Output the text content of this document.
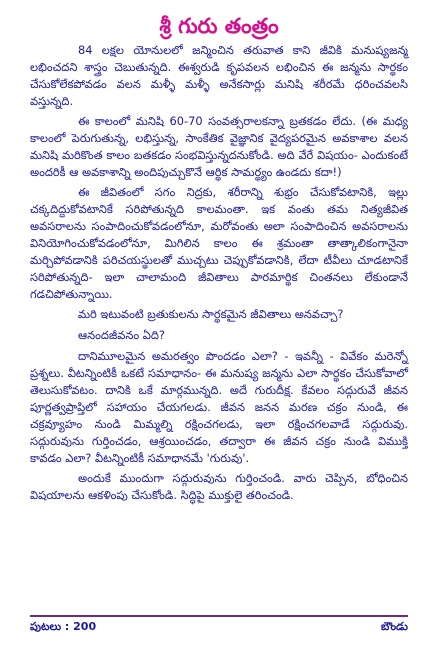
శ్రీ గురు తంత్రం

84 లక్షల యోనులలో జన్మించిన తరువాత కాని జీవికి మనుష్యజన్మ లభించదని శాస్త్రం చెబుతున్నది. ఈశ్వరుడి కృపవలన లభించిన ఈ జన్మను సార్థకం చేసుకోలేకపోవడం వలన మళ్ళీ మళ్ళీ అనేకసార్లు మనిషి శరీరమే ధరించవలసి వస్తున్నది.

ఈ కాలంలో మనిషి 60-70 సంవత్సరాలకన్నా బ్రతకడం లేదు. (ఈ మధ్య కాలంలో పెరుగుతున్న, లభిస్తున్న, సాంకేతిక వైజ్ఞానిక వైద్యపరమైన అవకాశాల వలన మనిషి మరికొంత కాలం బతకడం సంభవిస్తున్నదనుకోండి. అది వేరే విషయం- ఎందుకంటే అందరికీ ఆ అవకాశాన్ని అందిపుచ్చుకొనే ఆర్థిక సామర్థ్యం ఉండదు కదా!)

ఈ జీవితంలో సగం నిద్రకు, శరీరాన్ని శుభ్రం చేసుకోవటానికి, ఇల్లు చక్కదిద్దుకోవటానికే సరిపోతున్నది కాలమంతా. ఇక వంతు తమ నిత్యజీవిత అవసరాలను సంపాదించుకోవడంలోనూ, మరోవంతు అలా సంపాదించిన అవసరాలను వినియోగించుకోవడంలోనూ, మిగిలిన కాలం ఈ శ్రమంతా తాత్కాలికంగానైనా మర్చిపోవడానికి పరిచయస్థులతో ముచ్చటు చెప్పుకోవడానికి, లేదా టీవీలు చూడటానికే సరిపోతున్నది- ఇలా చాలామంది జీవితాలు పారమార్థిక చింతనలు లేకుండానే గడచిపోతున్నాయి.

మరి ఇటువంటి బ్రతుకులను సార్థకమైన జీవితాలు అనవచ్చా?

ఆనందజీవనం ఏది?

దానిమూలమైన అమరత్వం పొందడం ఎలా? - ఇవన్నీ - వివేకం మరెన్నో ప్రశ్నలు. వీటన్నింటికీ ఒకటే సమాధానం- ఈ మనుష్య జన్మను ఎలా సార్థకం చేసుకోవాలో తెలుసుకోవటం. దానికి ఒకే మార్గమున్నది. అదే గురుదీక్ష. కేవలం సద్గురువే జీవన పూర్ణత్వప్రాప్తిలో సహాయం చేయగలడు. జీవన జనన మరణ చక్రం నుండి, ఈ చక్రవ్యూహం నుండి మిమ్మల్ని రక్షించగలడు, ఇలా రక్షించగలవాడే సద్గురువు. సద్గురువును గుర్తించడం, ఆశ్రయించడం, తద్వారా ఈ జీవన చక్రం నుండి విముక్తి కావడం ఎలా? వీటన్నింటికీ సమాధానమే 'గురువు'.

అందుకే ముందుగా సద్గురువును గుర్తించండి. వారు చెప్పిన, బోధించిన విషయాలను ఆకళింపు చేసుకోండి. సిద్ధిపై ముక్తులై తరించండి.

పుటలు : 200	బౌండు
